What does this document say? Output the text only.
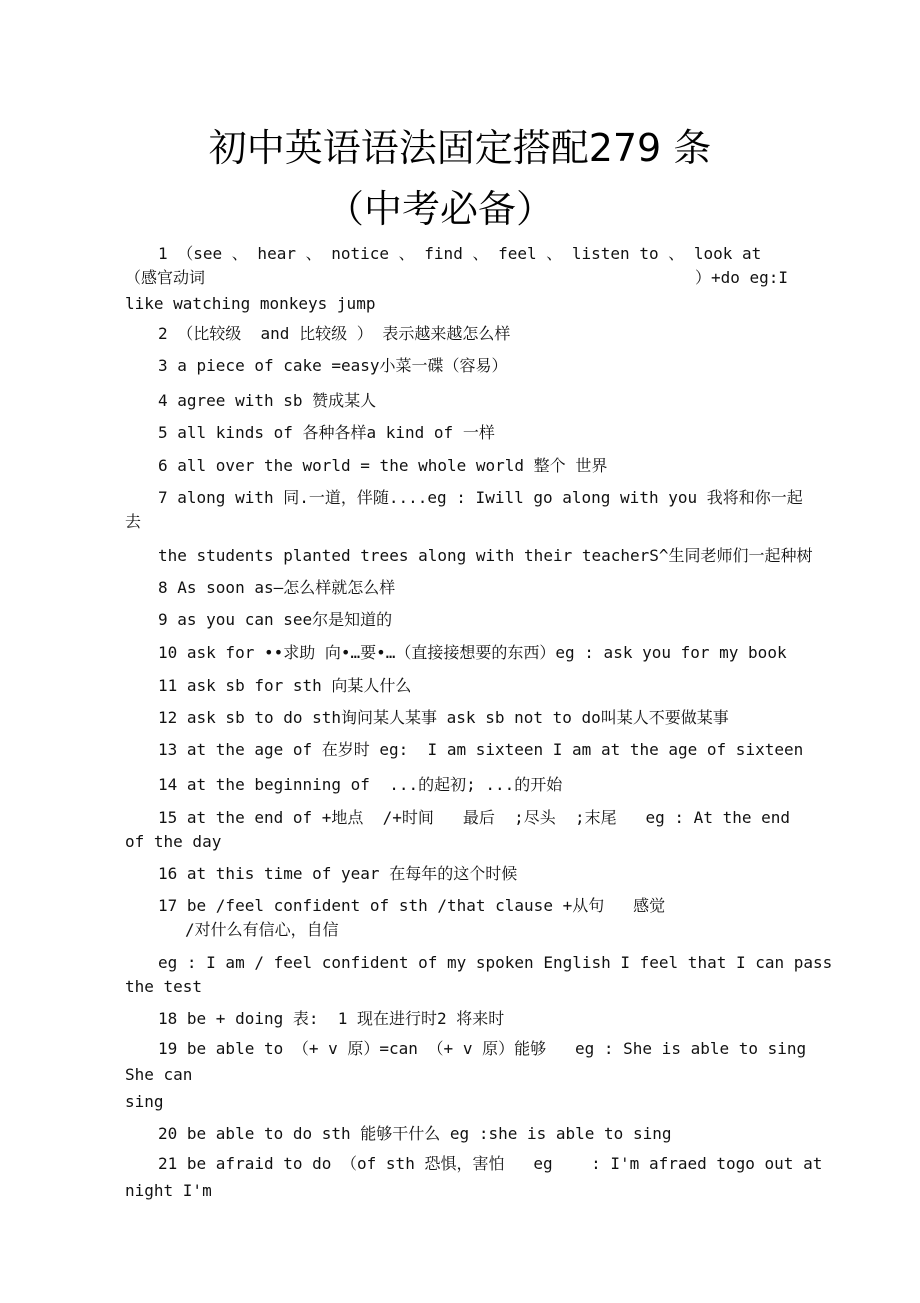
初中英语语法固定搭配279 条
（中考必备）
1 （see 、 hear 、 notice 、 find 、 feel 、 listen to 、 look at
（感官动词	）+do eg:I
like watching monkeys jump
2 （比较级  and 比较级 ） 表示越来越怎么样
3 a piece of cake =easy小菜一碟（容易）
4 agree with sb 赞成某人
5 all kinds of 各种各样a kind of 一样
6 all over the world = the whole world 整个 世界
7 along with 同.一道，伴随....eg : Iwill go along with you 我将和你一起
去
the students planted trees along with their teacherS^生同老师们一起种树
8 As soon as—怎么样就怎么样
9 as you can see尔是知道的
10 ask for ••求助 向•…要•…（直接接想要的东西）eg : ask you for my book
11 ask sb for sth 向某人什么
12 ask sb to do sth询问某人某事 ask sb not to do叫某人不要做某事
13 at the age of 在岁时 eg:  I am sixteen I am at the age of sixteen
14 at the beginning of  ...的起初; ...的开始
15 at the end of +地点  /+时间   最后  ;尽头  ;末尾   eg : At the end
of the day
16 at this time of year 在每年的这个时候
17 be /feel confident of sth /that clause +从句   感觉
/对什么有信心，自信
eg : I am / feel confident of my spoken English I feel that I can pass
the test
18 be + doing 表:  1 现在进行时2 将来时
19 be able to （+ v 原）=can （+ v 原）能够   eg : She is able to sing
She can
sing
20 be able to do sth 能够干什么 eg :she is able to sing
21 be afraid to do （of sth 恐惧，害怕   eg    : I'm afraed togo out at
night I'm
